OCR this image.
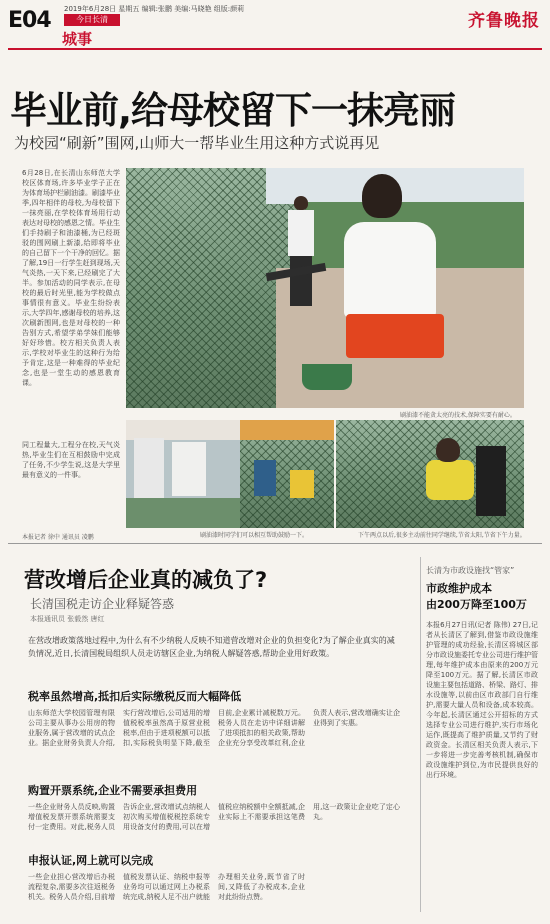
E04 2019年6月28日 星期五 编辑:张鹏 美编:马晓艳 组版:颜莉
今日长清
城事
齐鲁晚报
毕业前,给母校留下一抹亮丽
为校园“刷新”围网,山师大一帮毕业生用这种方式说再见
6月28日,在长清山东师范大学校区体育场,许多毕业学子正在为体育场护栏刷油漆。刷漆毕业季,四年相伴的母校,为母校留下一抹亮丽,在学校体育场用行动表达对母校的感恩之情。毕业生们手持刷子和油漆桶,为已经斑驳的围网刷上新漆,给即将毕业的自己留下一个干净的回忆。据了解,19日一行学生赶到现场,天气炎热,一天下来,已经刷完了大半。参加活动的同学表示,在母校的最后时光里,能为学校做点事情很有意义。毕业生纷纷表示,大学四年,感谢母校的培养,这次刷新围网,也是对母校的一种告别方式,希望学弟学妹们能够好好珍惜。校方相关负责人表示,学校对毕业生的这种行为给予肯定,这是一种难得的毕业纪念,也是一堂生动的感恩教育课。
同工程量大,工程分在校,天气炎热,毕业生们在互相鼓励中完成了任务,不少学生说,这是大学里最有意义的一件事。
本报记者 徐中 通讯员 凌鹏
刷油漆不能贪太亮的技术,保障实要有耐心。
刷油漆时同学们可以相互帮助鼓励一下。	下午两点以后,很多主动前往同学继续,节省太阳,节省下午力量。
营改增后企业真的减负了?
长清国税走访企业释疑答惑
本报通讯员 张毅然 唐红
在营改增政策落地过程中,为什么有不少纳税人反映不知道营改增对企业的负担变化?为了解企业真实的减负情况,近日,长清国税局组织人员走访辖区企业,为纳税人解疑答惑,帮助企业用好政策。
税率虽然增高,抵扣后实际缴税反而大幅降低
山东师范大学校园管理有限公司主要从事办公用房的物业服务,属于营改增的试点企业。据企业财务负责人介绍,实行营改增后,公司适用的增值税税率虽然高于原营业税税率,但由于进项税额可以抵扣,实际税负明显下降,截至目前,企业累计减税数万元。税务人员在走访中详细讲解了进项抵扣的相关政策,帮助企业充分享受改革红利,企业负责人表示,营改增确实让企业得到了实惠。
购置开票系统,企业不需要承担费用
一些企业财务人员反映,购置增值税发票开票系统需要支付一定费用。对此,税务人员告诉企业,营改增试点纳税人初次购买增值税税控系统专用设备支付的费用,可以在增值税应纳税额中全额抵减,企业实际上不需要承担这笔费用,这一政策让企业吃了定心丸。
申报认证,网上就可以完成
一些企业担心营改增后办税流程复杂,需要多次往返税务机关。税务人员介绍,目前增值税发票认证、纳税申报等业务均可以通过网上办税系统完成,纳税人足不出户就能办理相关业务,既节省了时间,又降低了办税成本,企业对此纷纷点赞。
长清为市政设施找“管家”
市政维护成本
由200万降至100万
本报6月27日讯(记者 陈伟) 27日,记者从长清区了解到,借鉴市政设施维护管理的成功经验,长清区将城区部分市政设施委托专业公司进行维护管理,每年维护成本由原来的200万元降至100万元。据了解,长清区市政设施主要包括道路、桥梁、路灯、排水设施等,以前由区市政部门自行维护,需要大量人员和设备,成本较高。今年起,长清区通过公开招标的方式选择专业公司进行维护,实行市场化运作,既提高了维护质量,又节约了财政资金。长清区相关负责人表示,下一步将进一步完善考核机制,确保市政设施维护到位,为市民提供良好的出行环境。
